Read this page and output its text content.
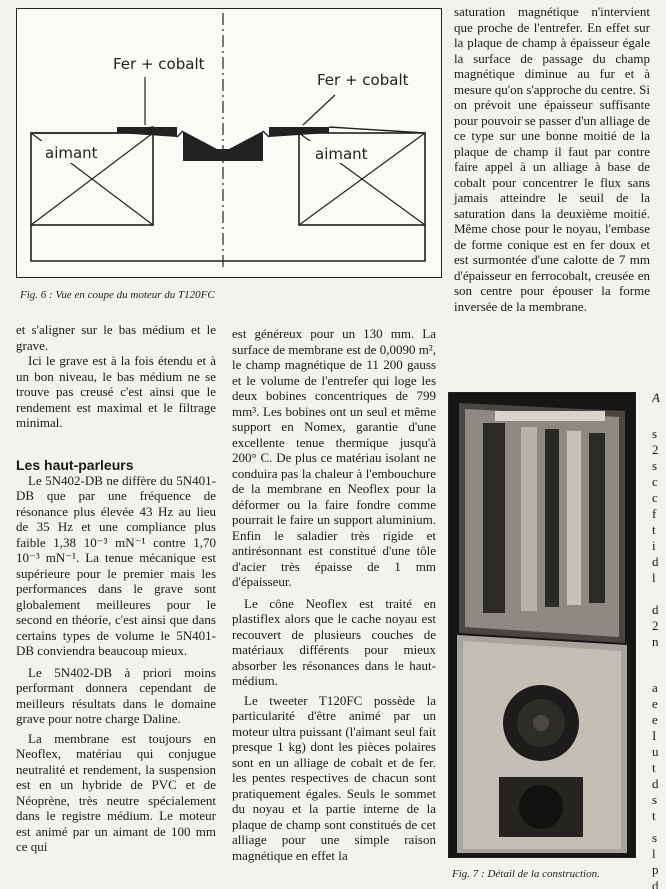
Fer + cobalt
Fer + cobalt
aimant	aimant
Fig. 6 : Vue en coupe du moteur du T120FC

saturation magnétique n'intervient que proche de l'entrefer. En effet sur la plaque de champ à épaisseur égale la surface de passage du champ magnétique diminue au fur et à mesure qu'on s'approche du centre. Si on prévoit une épaisseur suffisante pour pouvoir se passer d'un alliage de ce type sur une bonne moitié de la plaque de champ il faut par contre faire appel à un alliage à base de cobalt pour concentrer le flux sans jamais atteindre le seuil de la saturation dans la deuxième moitié. Même chose pour le noyau, l'embase de forme conique est en fer doux et est surmontée d'une calotte de 7 mm d'épaisseur en ferrocobalt, creusée en son centre pour épouser la forme inversée de la membrane.

et s'aligner sur le bas médium et le grave.

Ici le grave est à la fois étendu et à un bon niveau, le bas médium ne se trouve pas creusé c'est ainsi que le rendement est maximal et le filtrage minimal.

Les haut-parleurs

Le 5N402-DB ne diffère du 5N401-DB que par une fréquence de résonance plus élevée 43 Hz au lieu de 35 Hz et une compliance plus faible 1,38 10⁻³ mN⁻¹ contre 1,70 10⁻³ mN⁻¹. La tenue mécanique est supérieure pour le premier mais les performances dans le grave sont globalement meilleures pour le second en théorie, c'est ainsi que dans certains types de volume le 5N401-DB conviendra beaucoup mieux.

Le 5N402-DB à priori moins performant donnera cependant de meilleurs résultats dans le domaine grave pour notre charge Daline.

La membrane est toujours en Neoflex, matériau qui conjugue neutralité et rendement, la suspension est en un hybride de PVC et de Néoprène, très neutre spécialement dans le registre médium. Le moteur est animé par un aimant de 100 mm ce qui

est généreux pour un 130 mm. La surface de membrane est de 0,0090 m², le champ magnétique de 11 200 gauss et le volume de l'entrefer qui loge les deux bobines concentriques de 799 mm³. Les bobines ont un seul et même support en Nomex, garantie d'une excellente tenue thermique jusqu'à 200° C. De plus ce matériau isolant ne conduira pas la chaleur à l'embouchure de la membrane en Neoflex pour la déformer ou la faire fondre comme pourrait le faire un support aluminium. Enfin le saladier très rigide et antirésonnant est constitué d'une tôle d'acier très épaisse de 1 mm d'épaisseur.

Le cône Neoflex est traité en plastiflex alors que le cache noyau est recouvert de plusieurs couches de matériaux différents pour mieux absorber les résonances dans le haut-médium.

Le tweeter T120FC possède la particularité d'être animé par un moteur ultra puissant (l'aimant seul fait presque 1 kg) dont les pièces polaires sont en un alliage de cobalt et de fer. les pentes respectives de chacun sont pratiquement égales. Seuls le sommet du noyau et la partie interne de la plaque de champ sont constitués de cet alliage pour une simple raison magnétique en effet la

Fig. 7 : Détail de la construction.
A
s
2
s
c
c
f
t
i
d
l
d
2
n
a
e
e
I
u
t
d
s
t
s
l
p
d
